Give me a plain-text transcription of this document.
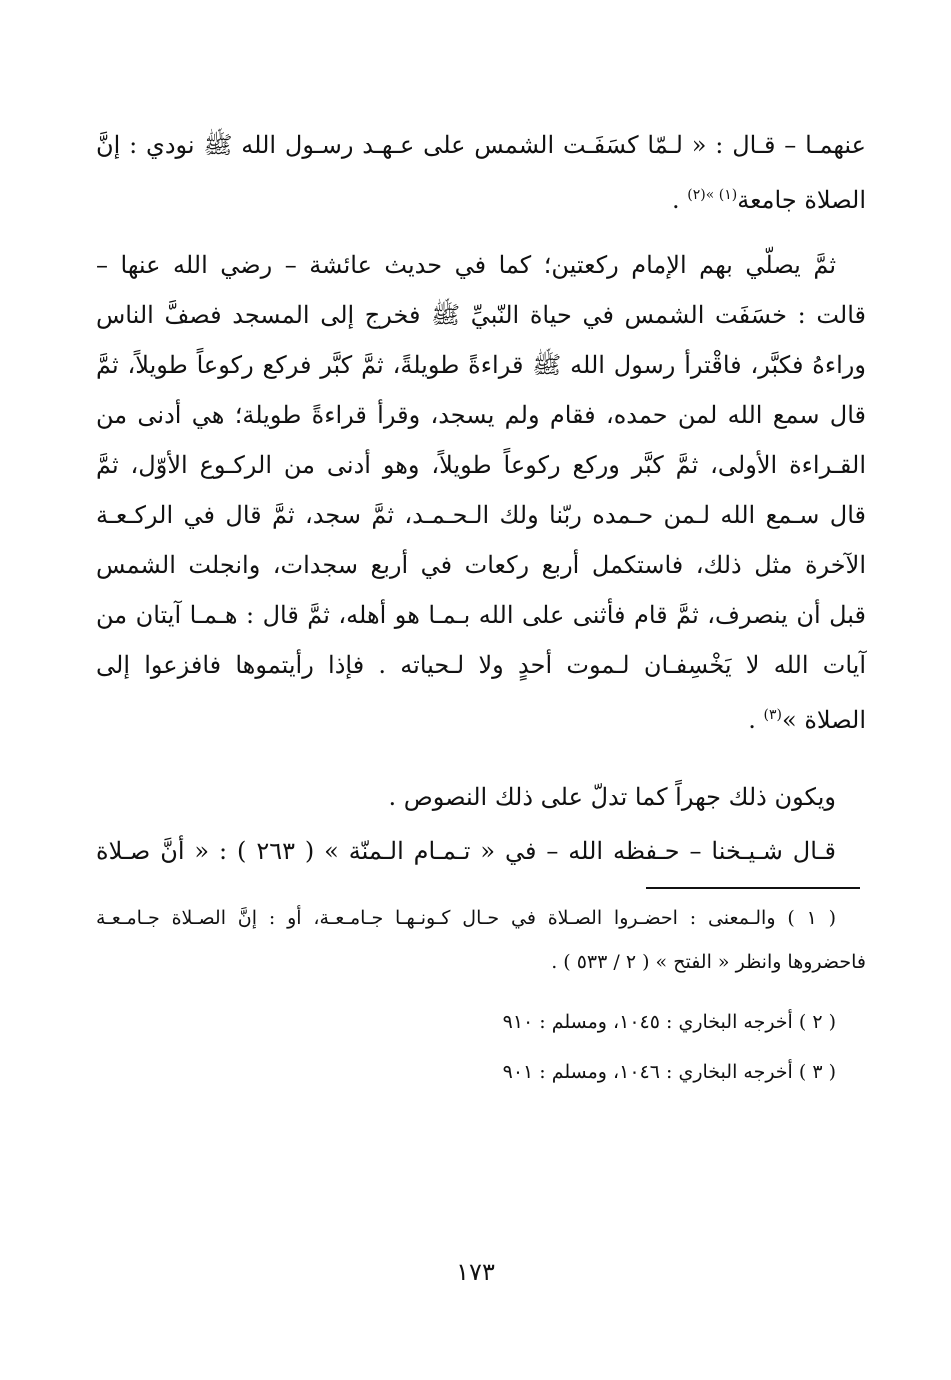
عنهمـا – قـال : « لـمّا كسَفَـت الشمس على عـهـد رسـول الله ﷺ نودي : إنَّ
الصلاة جامعة$^{(١) »(٢)}$ .
ثمَّ يصلّي بهم الإمام ركعتين؛ كما في حديث عائشة – رضي الله عنها –
قالت : خسَفَت الشمس في حياة النّبيِّ ﷺ فخرج إلى المسجد فصفَّ الناس
وراءهُ فكبَّر، فاقْترأ رسول الله ﷺ قراءةً طويلةً، ثمَّ كبَّر فركع ركوعاً طويلاً، ثمَّ
قال سمع الله لمن حمده، فقام ولم يسجد، وقرأ قراءةً طويلة؛ هي أدنى من
القـراءة الأولى، ثمَّ كبَّر وركع ركوعاً طويلاً، وهو أدنى من الركـوع الأوّل، ثمَّ
قال سـمع الله لـمن حـمده ربّنا ولك الـحـمـد، ثمَّ سجد، ثمَّ قال في الركـعـة
الآخرة مثل ذلك، فاستكمل أربع ركعات في أربع سجدات، وانجلت الشمس
قبل أن ينصرف، ثمَّ قام فأثنى على الله بـمـا هو أهله، ثمَّ قال : هـمـا آيتان من
آيات الله لا يَخْسِفـان لـموت أحدٍ ولا لـحياته . فإذا رأيتموها فافزعوا إلى
الصلاة »$^{(٣)}$ .
ويكون ذلك جهراً كما تدلّ على ذلك النصوص .
قـال شـيـخنا – حـفظه الله – في « تـمـام الـمنّة » ( ٢٦٣ ) : « أنَّ صـلاة
( ١ ) والـمعنى : احضـروا الصـلاة في حـال كـونـهـا جـامـعـة، أو : إنَّ الصـلاة جـامـعـة
فاحضروها وانظر « الفتح » ( ٢ / ٥٣٣ ) .
( ٢ ) أخرجه البخاري : ١٠٤٥، ومسلم : ٩١٠
( ٣ ) أخرجه البخاري : ١٠٤٦، ومسلم : ٩٠١
١٧٣
